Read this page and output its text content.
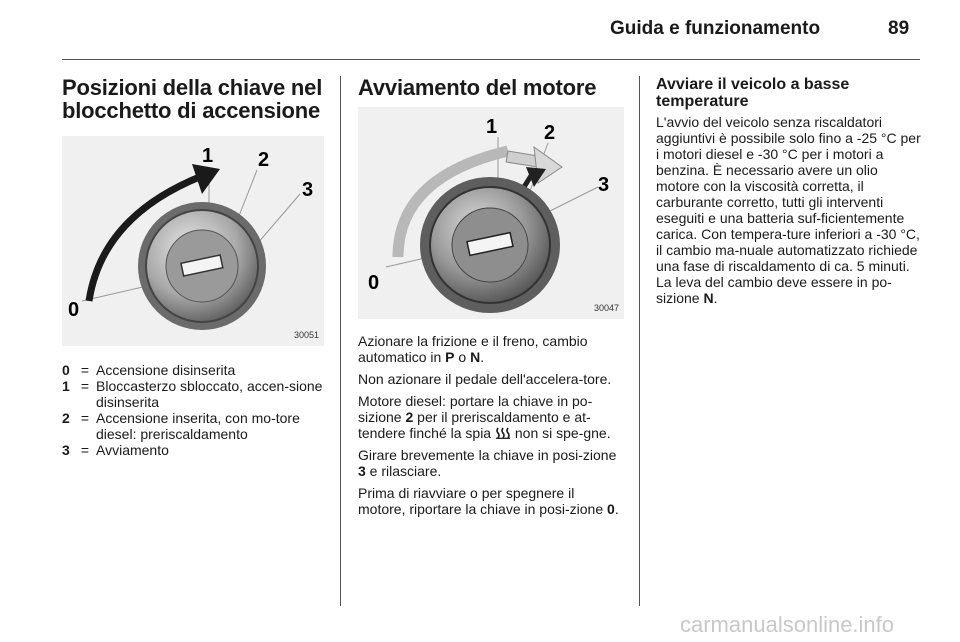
Guida e funzionamento	89
Posizioni della chiave nel blocchetto di accensione
0
1 2
3
30051
0 = Accensione disinserita
1 = Bloccasterzo sbloccato, accen-sione disinserita
2 = Accensione inserita, con mo-tore diesel: preriscaldamento
3 = Avviamento
Avviamento del motore
0
1 2
3
30047

Azionare la frizione e il freno, cambio automatico in P o N.

Non azionare il pedale dell'accelera-tore.

Motore diesel: portare la chiave in po-sizione 2 per il preriscaldamento e at-tendere finché la spia  non si spe-gne.

Girare brevemente la chiave in posi-zione 3 e rilasciare.

Prima di riavviare o per spegnere il motore, riportare la chiave in posi-zione 0.

Avviare il veicolo a basse temperature

L'avvio del veicolo senza riscaldatori aggiuntivi è possibile solo fino a -25 °C per i motori diesel e -30 °C per i motori a benzina. È necessario avere un olio motore con la viscosità corretta, il carburante corretto, tutti gli interventi eseguiti e una batteria suf-ficientemente carica. Con tempera-ture inferiori a -30 °C, il cambio ma-nuale automatizzato richiede una fase di riscaldamento di ca. 5 minuti. La leva del cambio deve essere in po-sizione N.

carmanualsonline.info
